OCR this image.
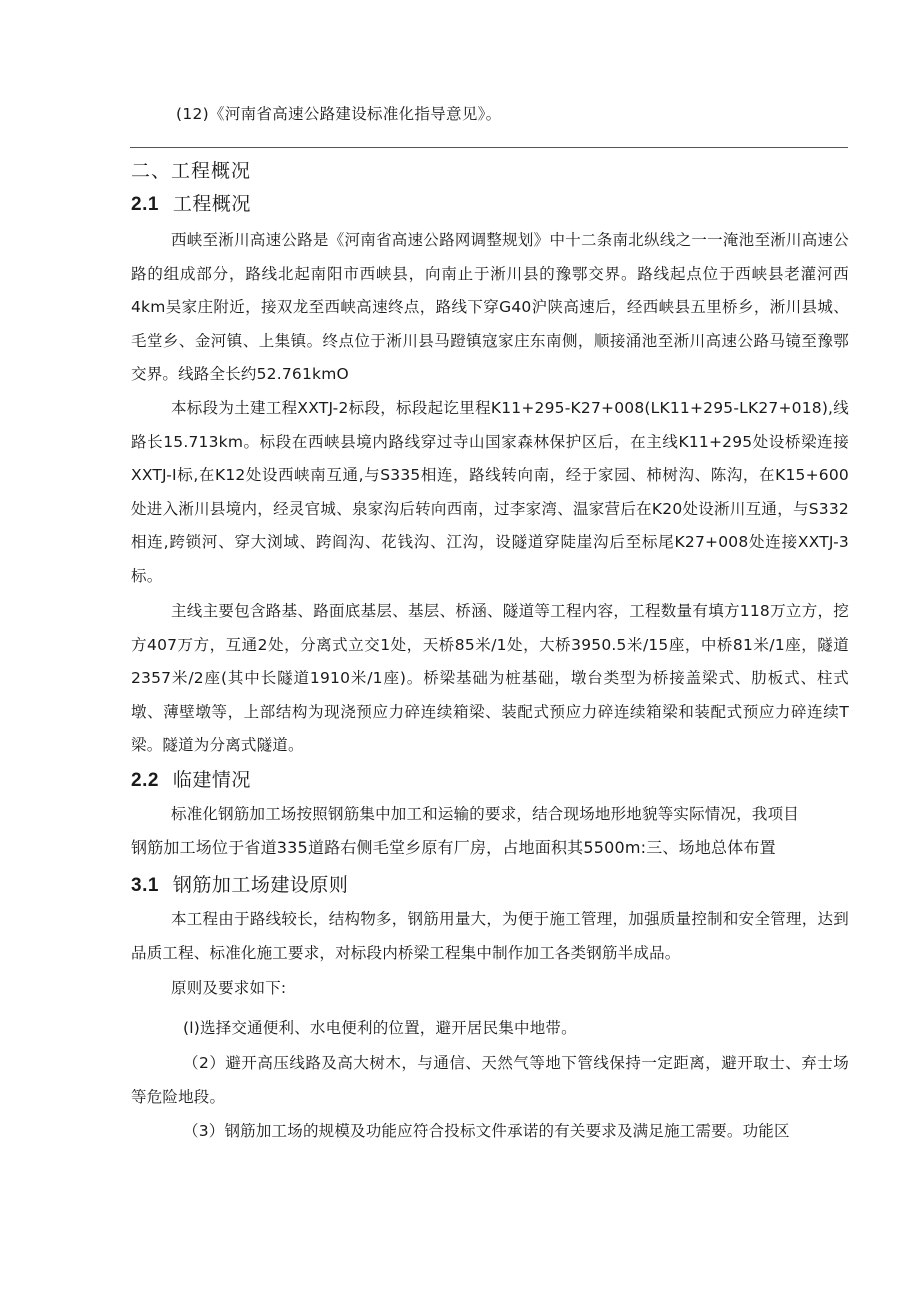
(12)《河南省高速公路建设标准化指导意见》。
二、工程概况
2.1 工程概况
西峡至淅川高速公路是《河南省高速公路网调整规划》中十二条南北纵线之一一淹池至淅川高速公路的组成部分，路线北起南阳市西峡县，向南止于淅川县的豫鄂交界。路线起点位于西峡县老灌河西4km吴家庄附近，接双龙至西峡高速终点，路线下穿G40沪陕高速后，经西峡县五里桥乡，淅川县城、毛堂乡、金河镇、上集镇。终点位于淅川县马蹬镇寇家庄东南侧，顺接涌池至淅川高速公路马镜至豫鄂交界。线路全长约52.761kmO
本标段为土建工程XXTJ-2标段，标段起讫里程K11+295-K27+008(LK11+295-LK27+018),线路长15.713km。标段在西峡县境内路线穿过寺山国家森林保护区后，在主线K11+295处设桥梁连接XXTJ-I标,在K12处设西峡南互通,与S335相连，路线转向南，经于家园、柿树沟、陈沟，在K15+600处进入淅川县境内，经灵官城、泉家沟后转向西南，过李家湾、温家营后在K20处设淅川互通，与S332相连,跨锁河、穿大浏域、跨阎沟、花钱沟、江沟，设隧道穿陡崖沟后至标尾K27+008处连接XXTJ-3标。
主线主要包含路基、路面底基层、基层、桥涵、隧道等工程内容，工程数量有填方118万立方，挖方407万方，互通2处，分离式立交1处，天桥85米/1处，大桥3950.5米/15座，中桥81米/1座，隧道2357米/2座(其中长隧道1910米/1座)。桥梁基础为桩基础，墩台类型为桥接盖梁式、肋板式、柱式墩、薄壁墩等，上部结构为现浇预应力碎连续箱梁、装配式预应力碎连续箱梁和装配式预应力碎连续T梁。隧道为分离式隧道。
2.2 临建情况
标准化钢筋加工场按照钢筋集中加工和运输的要求，结合现场地形地貌等实际情况，我项目
钢筋加工场位于省道335道路右侧毛堂乡原有厂房，占地面积其5500m:三、场地总体布置
3.1 钢筋加工场建设原则
本工程由于路线较长，结构物多，钢筋用量大，为便于施工管理，加强质量控制和安全管理，达到品质工程、标准化施工要求，对标段内桥梁工程集中制作加工各类钢筋半成品。
原则及要求如下:
(l)选择交通便利、水电便利的位置，避开居民集中地带。
（2）避开高压线路及高大树木，与通信、天然气等地下管线保持一定距离，避开取士、弃士场等危险地段。
（3）钢筋加工场的规模及功能应符合投标文件承诺的有关要求及满足施工需要。功能区
